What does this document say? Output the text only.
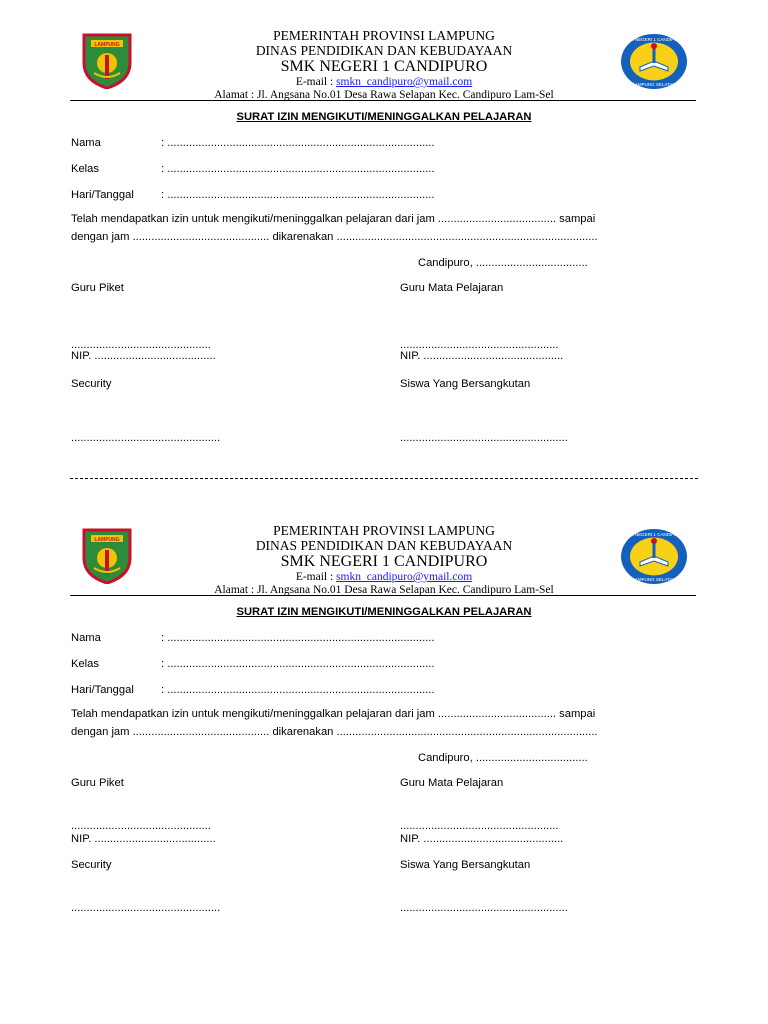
LAMPUNG
PEMERINTAH PROVINSI LAMPUNG
DINAS PENDIDIKAN DAN KEBUDAYAAN
SMK NEGERI 1 CANDIPURO
E-mail : smkn_candipuro@ymail.com
Alamat : Jl. Angsana No.01 Desa Rawa Selapan Kec. Candipuro Lam-Sel
SMK NEGERI 1 CANDIPURO
LAMPUNG SELATAN
SURAT IZIN MENGIKUTI/MENINGGALKAN PELAJARAN
Nama	: ......................................................................................
Kelas	: ......................................................................................
Hari/Tanggal : ......................................................................................
Telah mendapatkan izin untuk mengikuti/meninggalkan pelajaran dari jam ...................................... sampai
dengan jam ............................................ dikarenakan ....................................................................................
Candipuro, ....................................
Guru Piket	Guru Mata Pelajaran
.............................................	...................................................
NIP. .......................................	NIP. .............................................
Security	Siswa Yang Bersangkutan
................................................	......................................................
LAMPUNG
PEMERINTAH PROVINSI LAMPUNG
DINAS PENDIDIKAN DAN KEBUDAYAAN
SMK NEGERI 1 CANDIPURO
E-mail : smkn_candipuro@ymail.com
Alamat : Jl. Angsana No.01 Desa Rawa Selapan Kec. Candipuro Lam-Sel
SMK NEGERI 1 CANDIPURO
LAMPUNG SELATAN
SURAT IZIN MENGIKUTI/MENINGGALKAN PELAJARAN
Nama	: ......................................................................................
Kelas	: ......................................................................................
Hari/Tanggal : ......................................................................................
Telah mendapatkan izin untuk mengikuti/meninggalkan pelajaran dari jam ...................................... sampai
dengan jam ............................................ dikarenakan ....................................................................................
Candipuro, ....................................
Guru Piket	Guru Mata Pelajaran
.............................................	...................................................
NIP. .......................................	NIP. .............................................
Security	Siswa Yang Bersangkutan
................................................	......................................................
